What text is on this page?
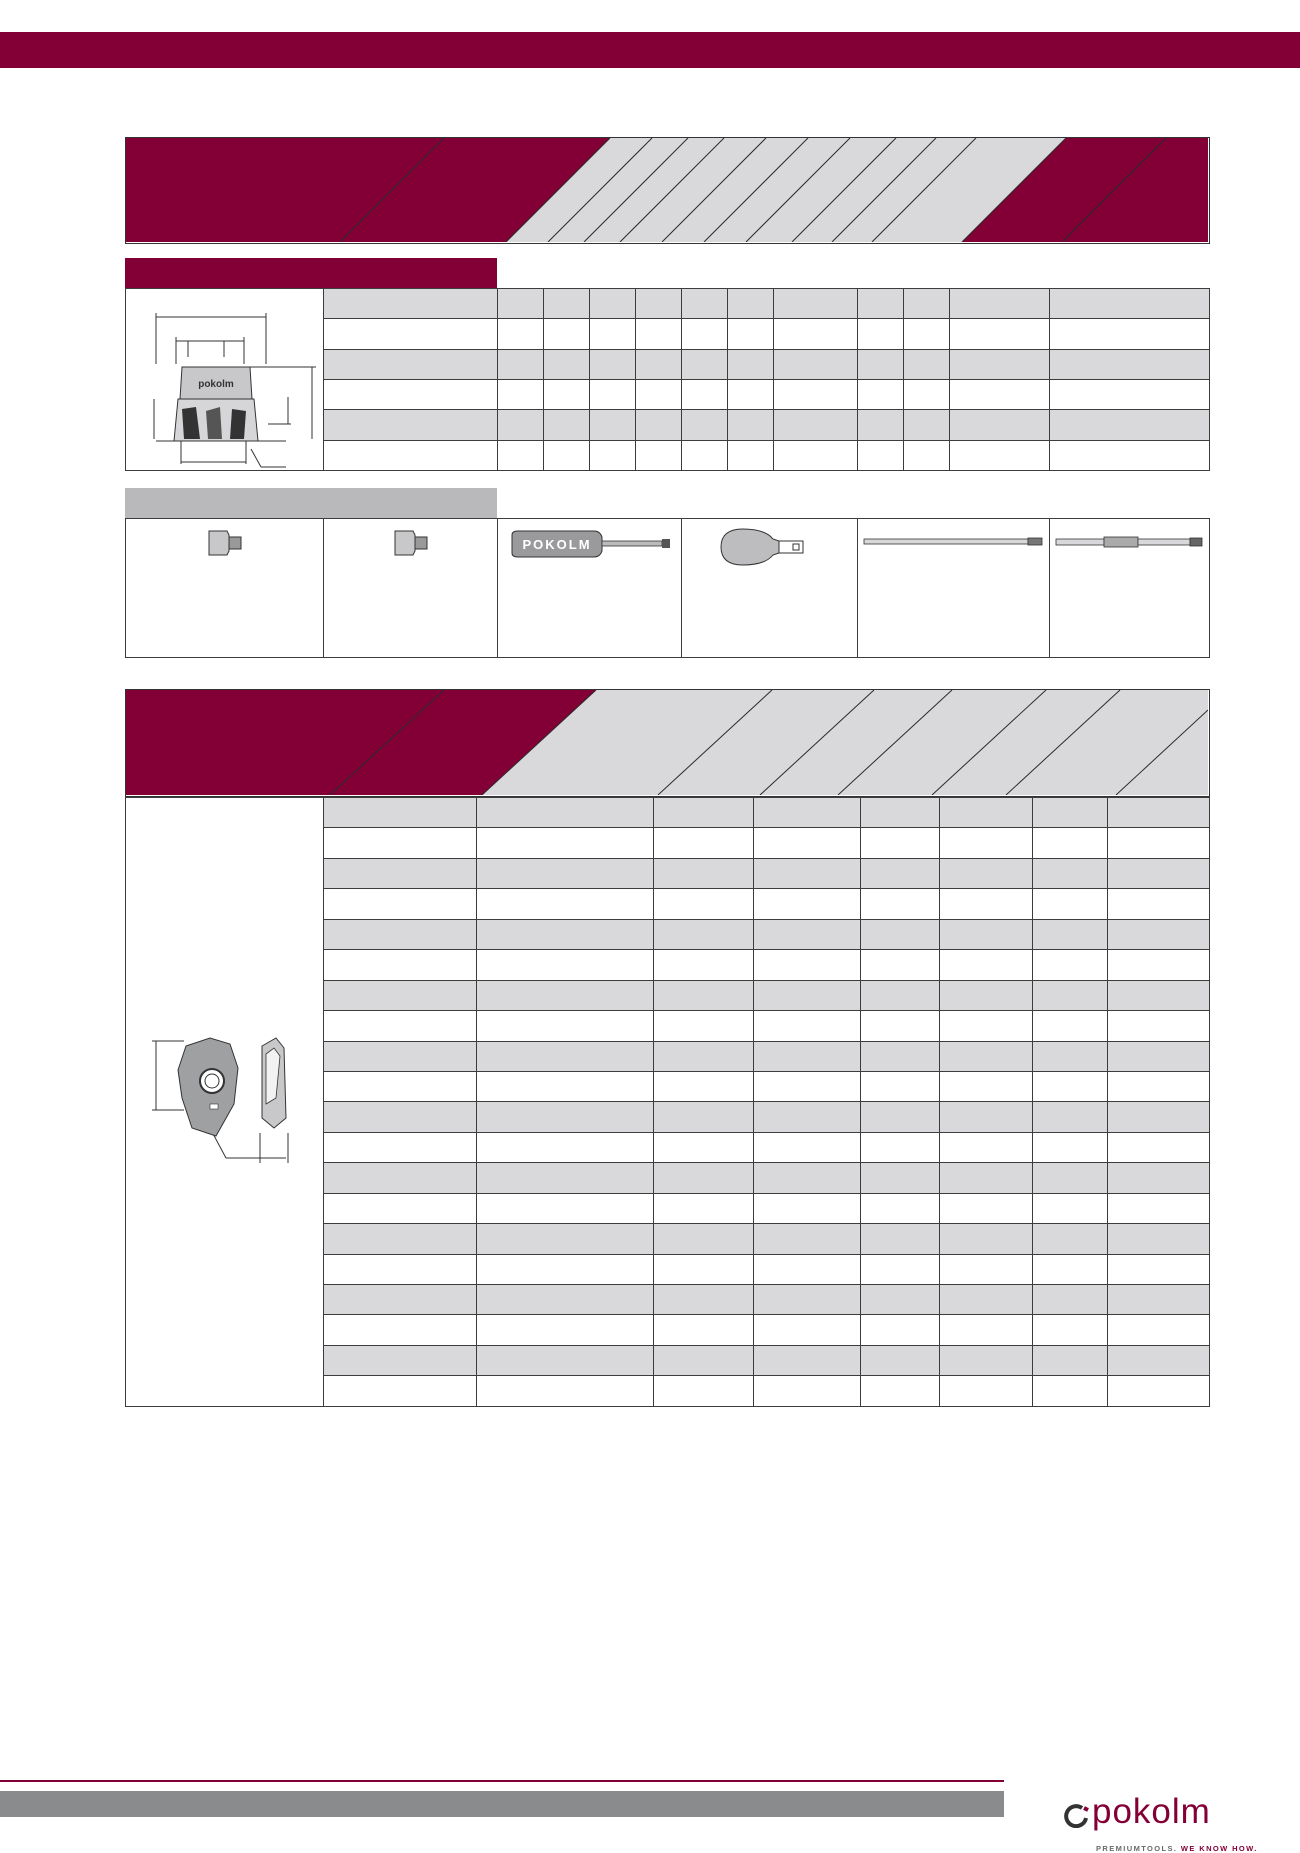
pokolm

POKOLM

pokolm
PREMIUMTOOLS. WE KNOW HOW.
